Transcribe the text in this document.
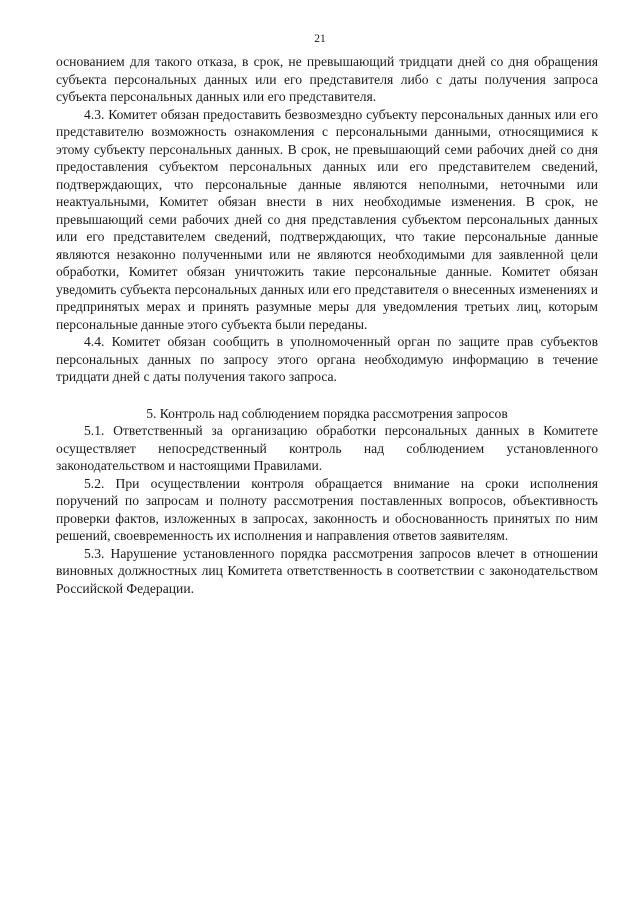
21

основанием для такого отказа, в срок, не превышающий тридцати дней со дня обращения субъекта персональных данных или его представителя либо с даты получения запроса субъекта персональных данных или его представителя.

4.3. Комитет обязан предоставить безвозмездно субъекту персональных данных или его представителю возможность ознакомления с персональными данными, относящимися к этому субъекту персональных данных. В срок, не превышающий семи рабочих дней со дня предоставления субъектом персональных данных или его представителем сведений, подтверждающих, что персональные данные являются неполными, неточными или неактуальными, Комитет обязан внести в них необходимые изменения. В срок, не превышающий семи рабочих дней со дня представления субъектом персональных данных или его представителем сведений, подтверждающих, что такие персональные данные являются незаконно полученными или не являются необходимыми для заявленной цели обработки, Комитет обязан уничтожить такие персональные данные. Комитет обязан уведомить субъекта персональных данных или его представителя о внесенных изменениях и предпринятых мерах и принять разумные меры для уведомления третьих лиц, которым персональные данные этого субъекта были переданы.

4.4. Комитет обязан сообщить в уполномоченный орган по защите прав субъектов персональных данных по запросу этого органа необходимую информацию в течение тридцати дней с даты получения такого запроса.

5. Контроль над соблюдением порядка рассмотрения запросов

5.1. Ответственный за организацию обработки персональных данных в Комитете осуществляет непосредственный контроль над соблюдением установленного законодательством и настоящими Правилами.

5.2. При осуществлении контроля обращается внимание на сроки исполнения поручений по запросам и полноту рассмотрения поставленных вопросов, объективность проверки фактов, изложенных в запросах, законность и обоснованность принятых по ним решений, своевременность их исполнения и направления ответов заявителям.

5.3. Нарушение установленного порядка рассмотрения запросов влечет в отношении виновных должностных лиц Комитета ответственность в соответствии с законодательством Российской Федерации.
